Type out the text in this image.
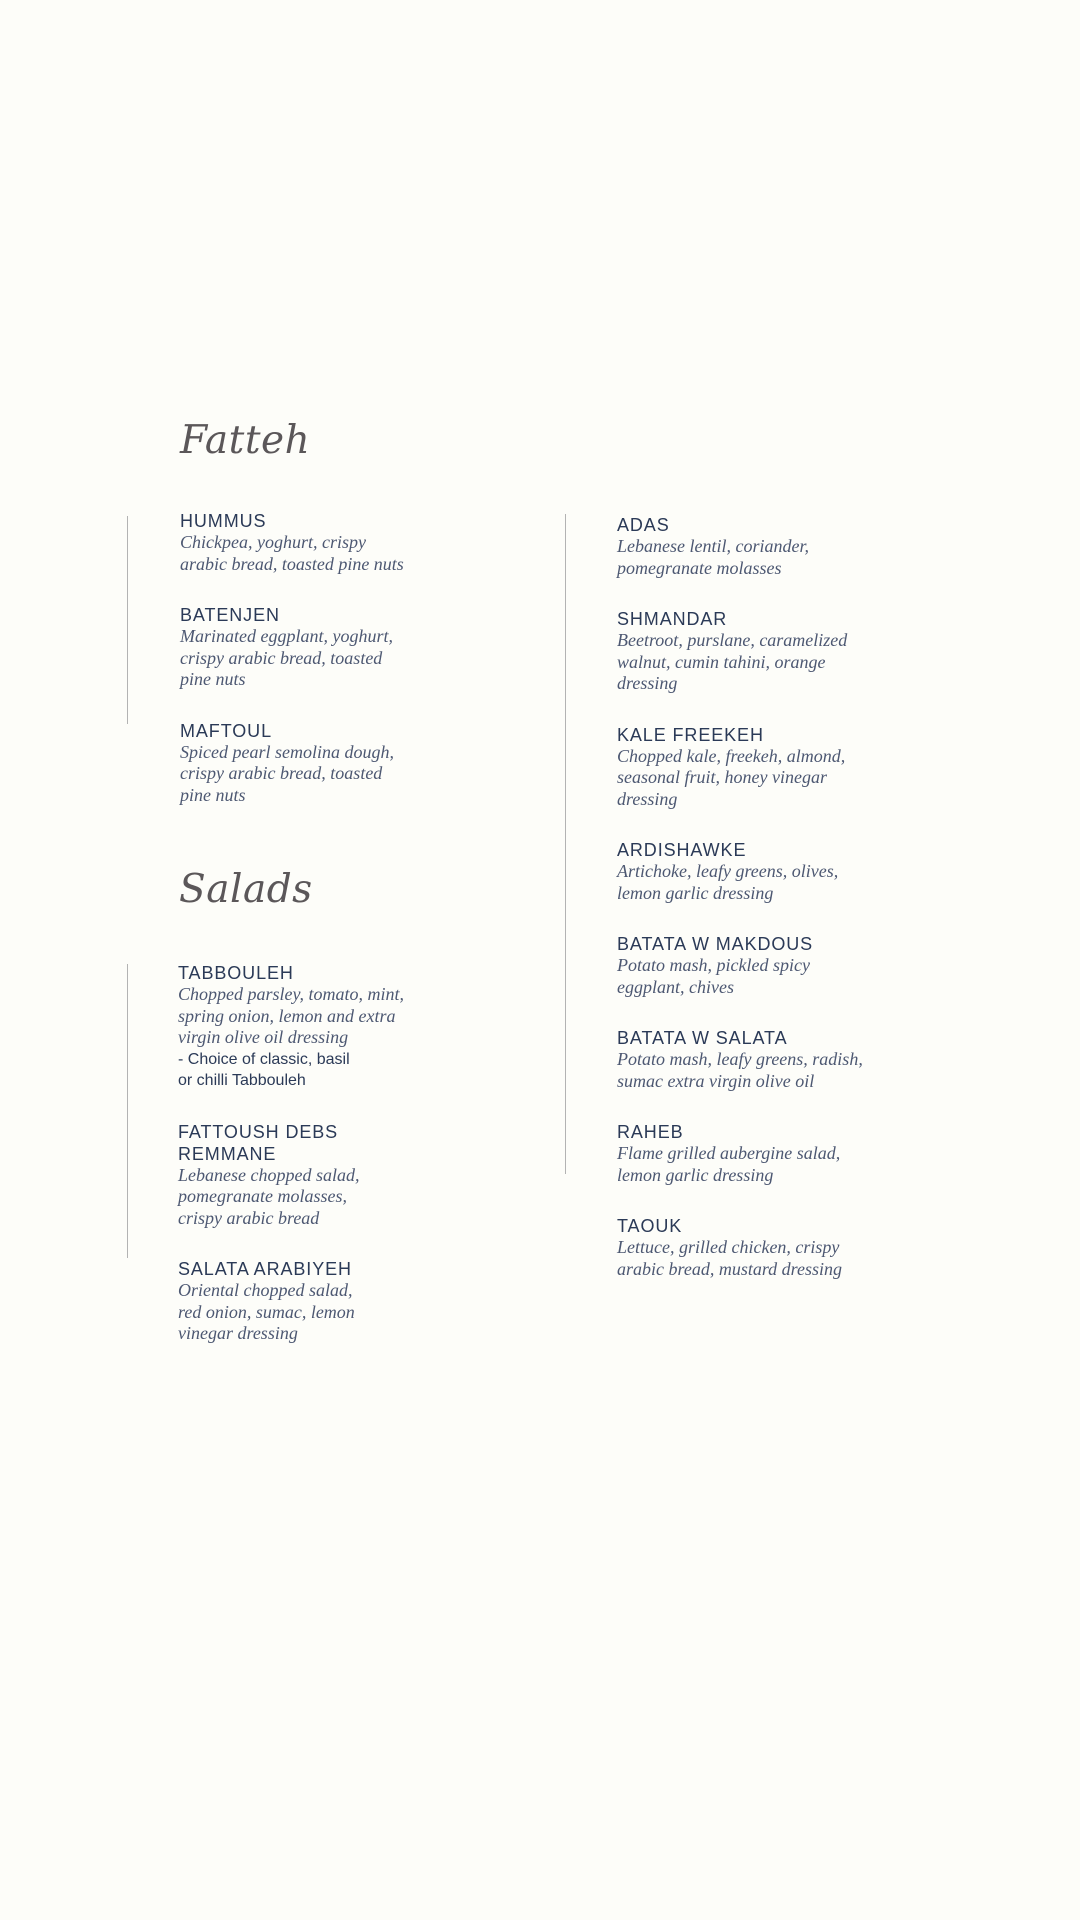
Fatteh

HUMMUS

Chickpea, yoghurt, crispy

arabic bread, toasted pine nuts

BATENJEN

Marinated eggplant, yoghurt,

crispy arabic bread, toasted

pine nuts

MAFTOUL

Spiced pearl semolina dough,

crispy arabic bread, toasted

pine nuts

Salads

TABBOULEH

Chopped parsley, tomato, mint,

spring onion, lemon and extra

virgin olive oil dressing

- Choice of classic, basil

or chilli Tabbouleh

FATTOUSH DEBS

REMMANE

Lebanese chopped salad,

pomegranate molasses,

crispy arabic bread

SALATA ARABIYEH

Oriental chopped salad,

red onion, sumac, lemon

vinegar dressing

ADAS

Lebanese lentil, coriander,

pomegranate molasses

SHMANDAR

Beetroot, purslane, caramelized

walnut, cumin tahini, orange

dressing

KALE FREEKEH

Chopped kale, freekeh, almond,

seasonal fruit, honey vinegar

dressing

ARDISHAWKE

Artichoke, leafy greens, olives,

lemon garlic dressing

BATATA W MAKDOUS

Potato mash, pickled spicy

eggplant, chives

BATATA W SALATA

Potato mash, leafy greens, radish,

sumac extra virgin olive oil

RAHEB

Flame grilled aubergine salad,

lemon garlic dressing

TAOUK

Lettuce, grilled chicken, crispy

arabic bread, mustard dressing
